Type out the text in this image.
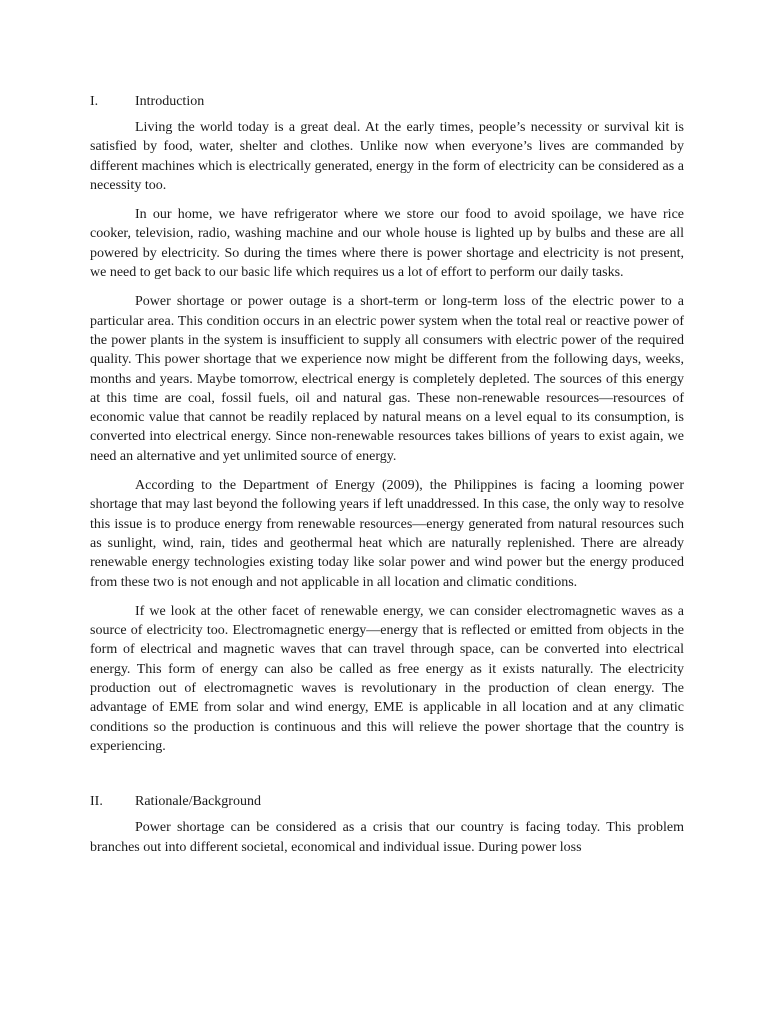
I.	Introduction

Living the world today is a great deal. At the early times, people’s necessity or survival kit is satisfied by food, water, shelter and clothes. Unlike now when everyone’s lives are commanded by different machines which is electrically generated, energy in the form of electricity can be considered as a necessity too.

In our home, we have refrigerator where we store our food to avoid spoilage, we have rice cooker, television, radio, washing machine and our whole house is lighted up by bulbs and these are all powered by electricity. So during the times where there is power shortage and electricity is not present, we need to get back to our basic life which requires us a lot of effort to perform our daily tasks.

Power shortage or power outage is a short-term or long-term loss of the electric power to a particular area. This condition occurs in an electric power system when the total real or reactive power of the power plants in the system is insufficient to supply all consumers with electric power of the required quality. This power shortage that we experience now might be different from the following days, weeks, months and years. Maybe tomorrow, electrical energy is completely depleted. The sources of this energy at this time are coal, fossil fuels, oil and natural gas. These non-renewable resources—resources of economic value that cannot be readily replaced by natural means on a level equal to its consumption, is converted into electrical energy. Since non-renewable resources takes billions of years to exist again, we need an alternative and yet unlimited source of energy.

According to the Department of Energy (2009), the Philippines is facing a looming power shortage that may last beyond the following years if left unaddressed. In this case, the only way to resolve this issue is to produce energy from renewable resources—energy generated from natural resources such as sunlight, wind, rain, tides and geothermal heat which are naturally replenished. There are already renewable energy technologies existing today like solar power and wind power but the energy produced from these two is not enough and not applicable in all location and climatic conditions.

If we look at the other facet of renewable energy, we can consider electromagnetic waves as a source of electricity too. Electromagnetic energy—energy that is reflected or emitted from objects in the form of electrical and magnetic waves that can travel through space, can be converted into electrical energy. This form of energy can also be called as free energy as it exists naturally. The electricity production out of electromagnetic waves is revolutionary in the production of clean energy. The advantage of EME from solar and wind energy, EME is applicable in all location and at any climatic conditions so the production is continuous and this will relieve the power shortage that the country is experiencing.

II.	Rationale/Background

Power shortage can be considered as a crisis that our country is facing today. This problem branches out into different societal, economical and individual issue. During power loss
